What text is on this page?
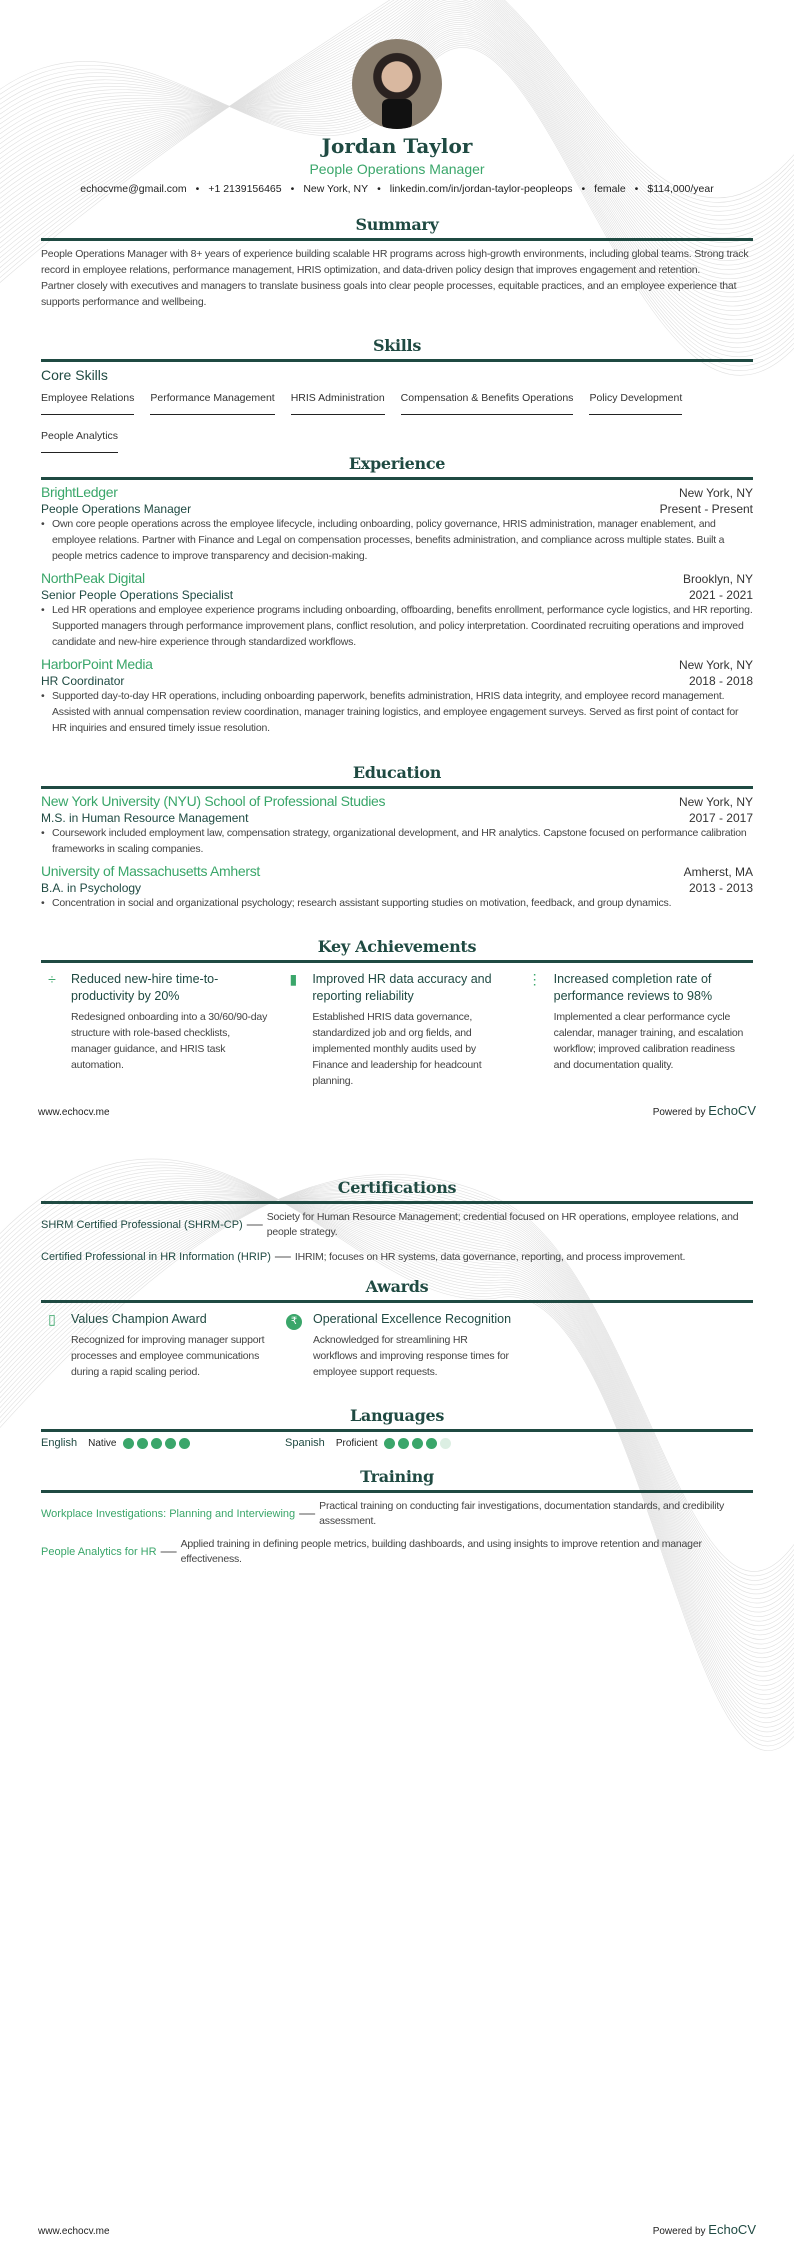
Jordan Taylor
People Operations Manager
echocvme@gmail.com • +1 2139156465 • New York, NY • linkedin.com/in/jordan-taylor-peopleops • female • $114,000/year
Summary

People Operations Manager with 8+ years of experience building scalable HR programs across high-growth environments, including global teams. Strong track record in employee relations, performance management, HRIS optimization, and data-driven policy design that improves engagement and retention.

Partner closely with executives and managers to translate business goals into clear people processes, equitable practices, and an employee experience that supports performance and wellbeing.

Skills
Core Skills
Employee Relations Performance Management HRIS Administration Compensation & Benefits Operations Policy DevelopmentPeople Analytics
Experience
BrightLedger	New York, NY
People Operations Manager	Present - Present
• Own core people operations across the employee lifecycle, including onboarding, policy governance, HRIS administration, manager enablement, and employee relations. Partner with Finance and Legal on compensation processes, benefits administration, and compliance across multiple states. Built a people metrics cadence to improve transparency and decision-making.
NorthPeak Digital	Brooklyn, NY
Senior People Operations Specialist	2021 - 2021
• Led HR operations and employee experience programs including onboarding, offboarding, benefits enrollment, performance cycle logistics, and HR reporting. Supported managers through performance improvement plans, conflict resolution, and policy interpretation. Coordinated recruiting operations and improved candidate and new-hire experience through standardized workflows.
HarborPoint Media	New York, NY
HR Coordinator	2018 - 2018
• Supported day-to-day HR operations, including onboarding paperwork, benefits administration, HRIS data integrity, and employee record management. Assisted with annual compensation review coordination, manager training logistics, and employee engagement surveys. Served as first point of contact for HR inquiries and ensured timely issue resolution.
Education
New York University (NYU) School of Professional Studies	New York, NY
M.S. in Human Resource Management	2017 - 2017
• Coursework included employment law, compensation strategy, organizational development, and HR analytics. Capstone focused on performance calibration frameworks in scaling companies.
University of Massachusetts Amherst	Amherst, MA
B.A. in Psychology	2013 - 2013
• Concentration in social and organizational psychology; research assistant supporting studies on motivation, feedback, and group dynamics.
Key Achievements
÷	Reduced new-hire time-to-productivity by 20%
Redesigned onboarding into a 30/60/90-day structure with role-based checklists, manager guidance, and HRIS task automation.
▮	Improved HR data accuracy and reporting reliability
Established HRIS data governance, standardized job and org fields, and implemented monthly audits used by Finance and leadership for headcount planning.
⋮ Increased completion rate of performance reviews to 98%
Implemented a clear performance cycle calendar, manager training, and escalation workflow; improved calibration readiness and documentation quality.
www.echocv.me	Powered by EchoCV
Certifications
SHRM Certified Professional (SHRM-CP) — Society for Human Resource Management; credential focused on HR operations, employee relations, and people strategy.
Certified Professional in HR Information (HRIP) — IHRIM; focuses on HR systems, data governance, reporting, and process improvement.
Awards
▯	Values Champion Award
Recognized for improving manager support processes and employee communications during a rapid scaling period.
₹	Operational Excellence Recognition
Acknowledged for streamlining HR workflows and improving response times for employee support requests.
Languages
English Native	Spanish Proficient
Training
Workplace Investigations: Planning and Interviewing — Practical training on conducting fair investigations, documentation standards, and credibility assessment.
People Analytics for HR — Applied training in defining people metrics, building dashboards, and using insights to improve retention and manager effectiveness.
www.echocv.me	Powered by EchoCV
